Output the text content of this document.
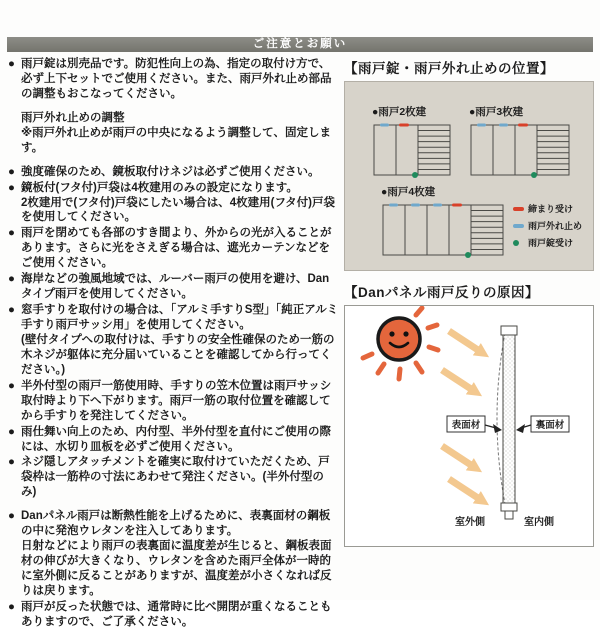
ご注意とお願い
● 雨戸錠は別売品です。防犯性向上の為、指定の取付け方で、必ず上下セットでご使用ください。また、雨戸外れ止め部品の調整もおこなってください。
雨戸外れ止めの調整
※雨戸外れ止めが雨戸の中央になるよう調整して、固定します。
● 強度確保のため、鏡板取付けネジは必ずご使用ください。
● 鏡板付(フタ付)戸袋は4枚建用のみの設定になります。
2枚建用で(フタ付)戸袋にしたい場合は、4枚建用(フタ付)戸袋を使用してください。
● 雨戸を閉めても各部のすき間より、外からの光が入ることがあります。さらに光をさえぎる場合は、遮光カーテンなどをご使用ください。
● 海岸などの強風地域では、ルーバー雨戸の使用を避け、Danタイプ雨戸を使用してください。
● 窓手すりを取付けの場合は、「アルミ手すりS型」「純正アルミ手すり雨戸サッシ用」を使用してください。
(壁付タイプへの取付けは、手すりの安全性確保のため一筋の木ネジが躯体に充分届いていることを確認してから行ってください。)
● 半外付型の雨戸一筋使用時、手すりの笠木位置は雨戸サッシ取付時より下へ下がります。雨戸一筋の取付位置を確認してから手すりを発注してください。
● 雨仕舞い向上のため、内付型、半外付型を直付にご使用の際には、水切り皿板を必ずご使用ください。
● ネジ隠しアタッチメントを確実に取付けていただくため、戸袋枠は一筋枠の寸法にあわせて発注ください。(半外付型のみ)
● Danパネル雨戸は断熱性能を上げるために、表裏面材の鋼板の中に発泡ウレタンを注入してあります。
日射などにより雨戸の表裏面に温度差が生じると、鋼板表面材の伸びが大きくなり、ウレタンを含めた雨戸全体が一時的に室外側に反ることがありますが、温度差が小さくなれば反りは戻ります。
● 雨戸が反った状態では、通常時に比べ開閉が重くなることもありますので、ご了承ください。
【雨戸錠・雨戸外れ止めの位置】
●雨戸2枚建	●雨戸3枚建
●雨戸4枚建
締まり受け
雨戸外れ止め
雨戸錠受け
【Danパネル雨戸反りの原因】
表面材	裏面材
室外側	室内側
